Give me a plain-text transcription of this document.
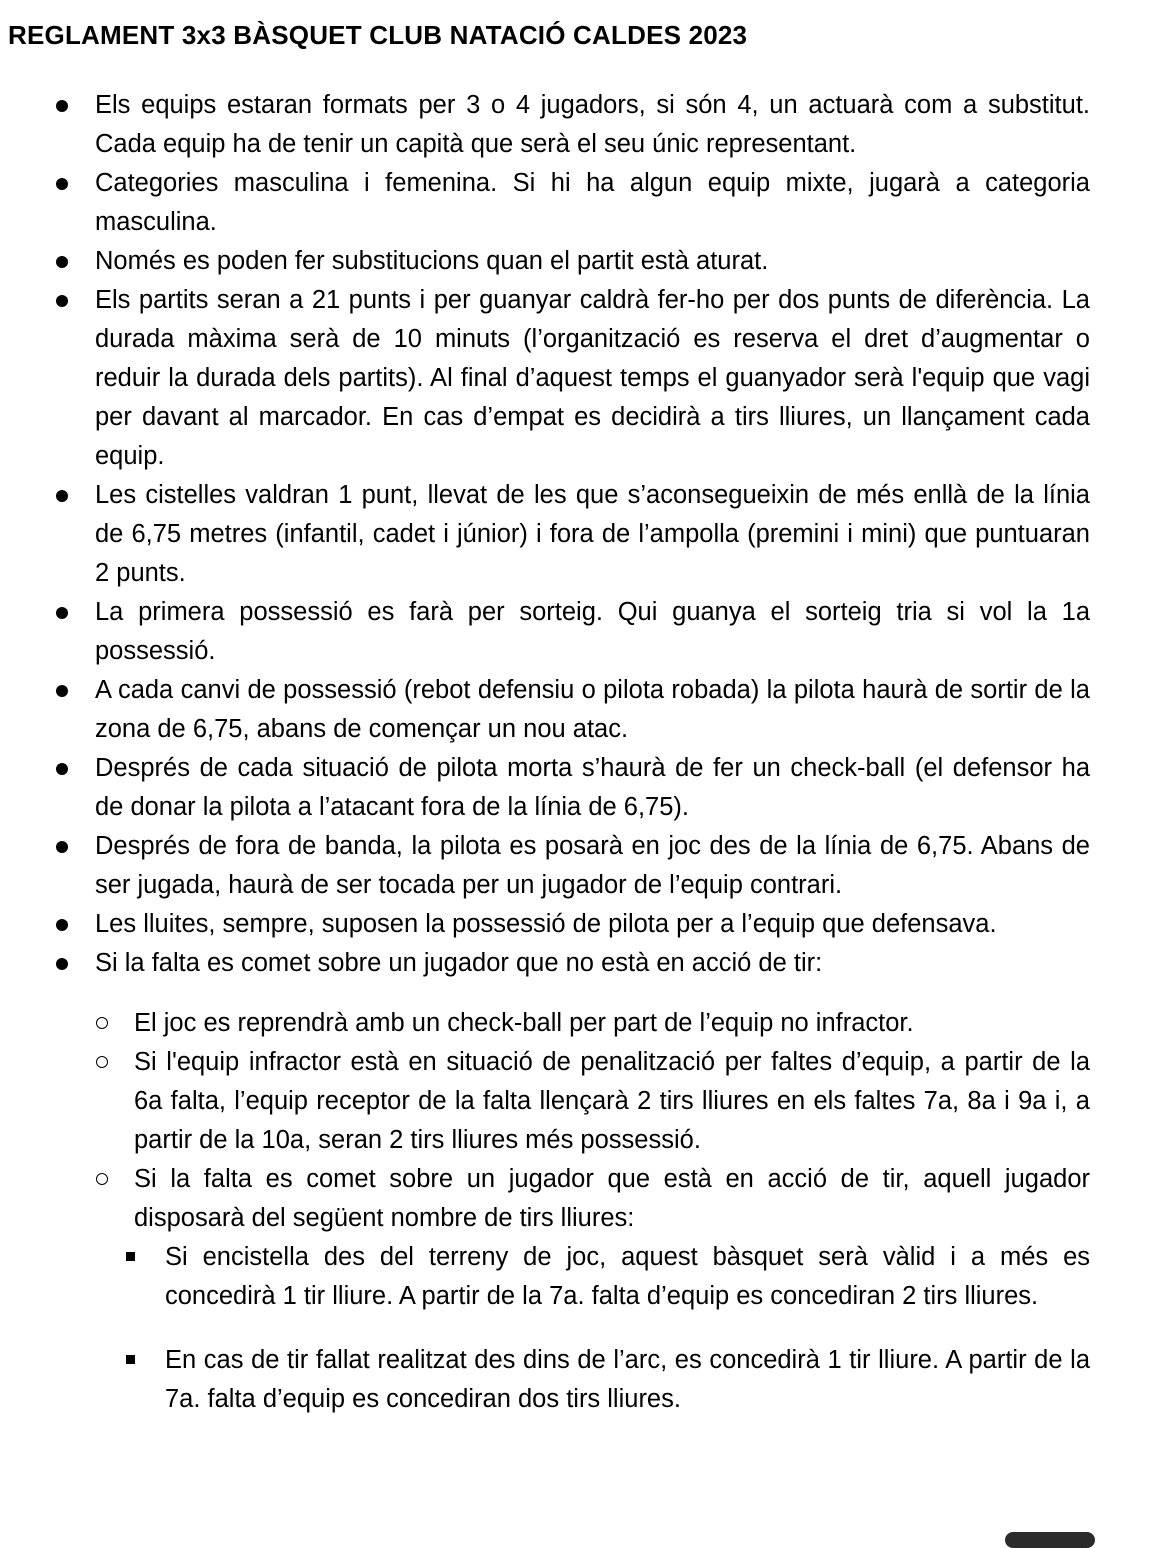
REGLAMENT 3x3 BÀSQUET CLUB NATACIÓ CALDES 2023
Els equips estaran formats per 3 o 4 jugadors, si són 4, un actuarà com a substitut. Cada equip ha de tenir un capità que serà el seu únic representant.
Categories masculina i femenina. Si hi ha algun equip mixte, jugarà a categoria masculina.
Només es poden fer substitucions quan el partit està aturat.
Els partits seran a 21 punts i per guanyar caldrà fer-ho per dos punts de diferència. La durada màxima serà de 10 minuts (l’organització es reserva el dret d’augmentar o reduir la durada dels partits). Al final d’aquest temps el guanyador serà l'equip que vagi per davant al marcador. En cas d’empat es decidirà a tirs lliures, un llançament cada equip.
Les cistelles valdran 1 punt, llevat de les que s’aconsegueixin de més enllà de la línia de 6,75 metres (infantil, cadet i júnior) i fora de l’ampolla (premini i mini) que puntuaran 2 punts.
La primera possessió es farà per sorteig. Qui guanya el sorteig tria si vol la 1a possessió.
A cada canvi de possessió (rebot defensiu o pilota robada) la pilota haurà de sortir de la zona de 6,75, abans de començar un nou atac.
Després de cada situació de pilota morta s’haurà de fer un check-ball (el defensor ha de donar la pilota a l’atacant fora de la línia de 6,75).
Després de fora de banda, la pilota es posarà en joc des de la línia de 6,75. Abans de ser jugada, haurà de ser tocada per un jugador de l’equip contrari.
Les lluites, sempre, suposen la possessió de pilota per a l’equip que defensava.
Si la falta es comet sobre un jugador que no està en acció de tir:
El joc es reprendrà amb un check-ball per part de l’equip no infractor.
Si l'equip infractor està en situació de penalització per faltes d’equip, a partir de la 6a falta, l’equip receptor de la falta llençarà 2 tirs lliures en els faltes 7a, 8a i 9a i, a partir de la 10a, seran 2 tirs lliures més possessió.
Si la falta es comet sobre un jugador que està en acció de tir, aquell jugador disposarà del següent nombre de tirs lliures:
Si encistella des del terreny de joc, aquest bàsquet serà vàlid i a més es concedirà 1 tir lliure. A partir de la 7a. falta d’equip es concediran 2 tirs lliures.
En cas de tir fallat realitzat des dins de l’arc, es concedirà 1 tir lliure. A partir de la 7a. falta d’equip es concediran dos tirs lliures.
